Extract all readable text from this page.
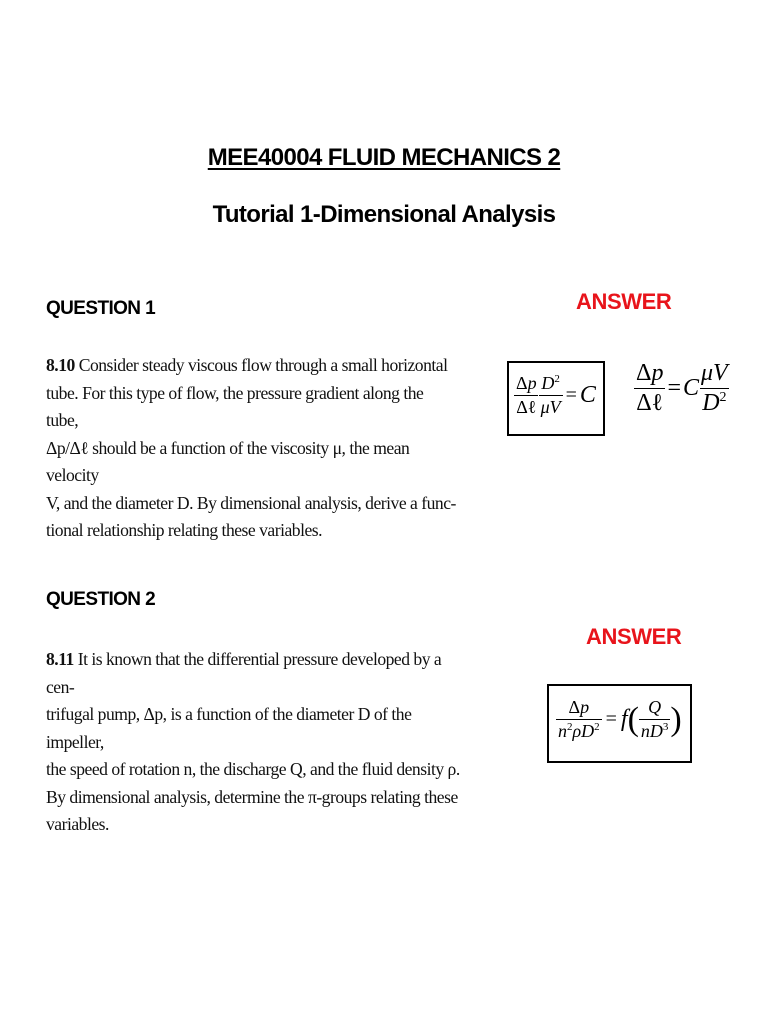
MEE40004 FLUID MECHANICS 2
Tutorial 1-Dimensional Analysis
QUESTION 1	ANSWER
8.10 Consider steady viscous flow through a small horizontal
tube. For this type of flow, the pressure gradient along the tube,
Δp/Δℓ should be a function of the viscosity μ, the mean velocity
V, and the diameter D. By dimensional analysis, derive a func-
tional relationship relating these variables.
$\frac{\Delta p}{\text{Δℓ}} \frac{D^2}{\mu V} = C \frac{\Delta p}{\text{Δℓ}} = C \frac{\mu V}{D^2}$
QUESTION 2
ANSWER
8.11 It is known that the differential pressure developed by a cen-
trifugal pump, Δp, is a function of the diameter D of the impeller,
the speed of rotation n, the discharge Q, and the fluid density ρ.
By dimensional analysis, determine the π-groups relating these
variables.
$\frac{\Delta p}{n^2\rho D^2} = f$ ( $\frac{Q}{nD^3}$ )
